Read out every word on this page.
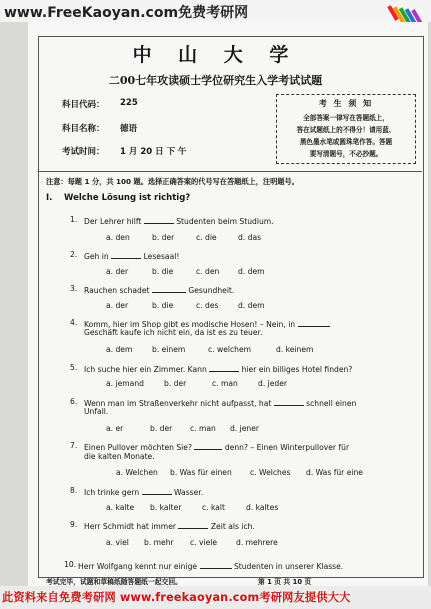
www.FreeKaoyan.com免费考研网
中 山 大 学
二00七年攻读硕士学位研究生入学考试试题
科目代码： 225
科目名称： 德语
考试时间： 1 月 20 日 下 午
考 生 须 知
全部答案一律写在答题纸上，
答在试题纸上的不得分！请用蓝、
黑色墨水笔或圆珠笔作答。答题
要写清题号，不必抄题。
注意：每题 1 分，共 100 题。选择正确答案的代号写在答题纸上，注明题号。
I. Welche Lösung ist richtig?
1. Der Lehrer hilft	Studenten beim Studium.
a. den	b. der	c. die	d. das
2. Geh in	Lesesaal!
a. der	b. die	c. den d. dem
3. Rauchen schadet	Gesundheit.
a. der	b. die	c. des	d. dem
4. Komm, hier im Shop gibt es modische Hosen! – Nein, in
Geschäft kaufe ich nicht ein, da ist es zu teuer.
a. dem	b. einem	c. welchem	d. keinem
5. Ich suche hier ein Zimmer. Kann	hier ein billiges Hotel finden?
a. jemand	b. der	c. man	d. jeder
6. Wenn man im Straßenverkehr nicht aufpasst, hat	schnell einen
Unfall.
a. er	b. der c. man d. jener
7. Einen Pullover möchten Sie?	denn? – Einen Winterpullover für
die kalten Monate.
a. Welchen b. Was für einen c. Welches d. Was für eine
8. Ich trinke gern	Wasser.
a. kalte b. kalter	c. kalt	d. kaltes
9. Herr Schmidt hat immer	Zeit als ich.
a. viel b. mehr c. viele d. mehrere
10. Herr Wolfgang kennt nur einige	Studenten in unserer Klasse.
考试完毕，试题和草稿纸随答题纸一起交回。	第 1 页 共 10 页
此资料来自免费考研网 www.freekaoyan.com考研网友提供大大
